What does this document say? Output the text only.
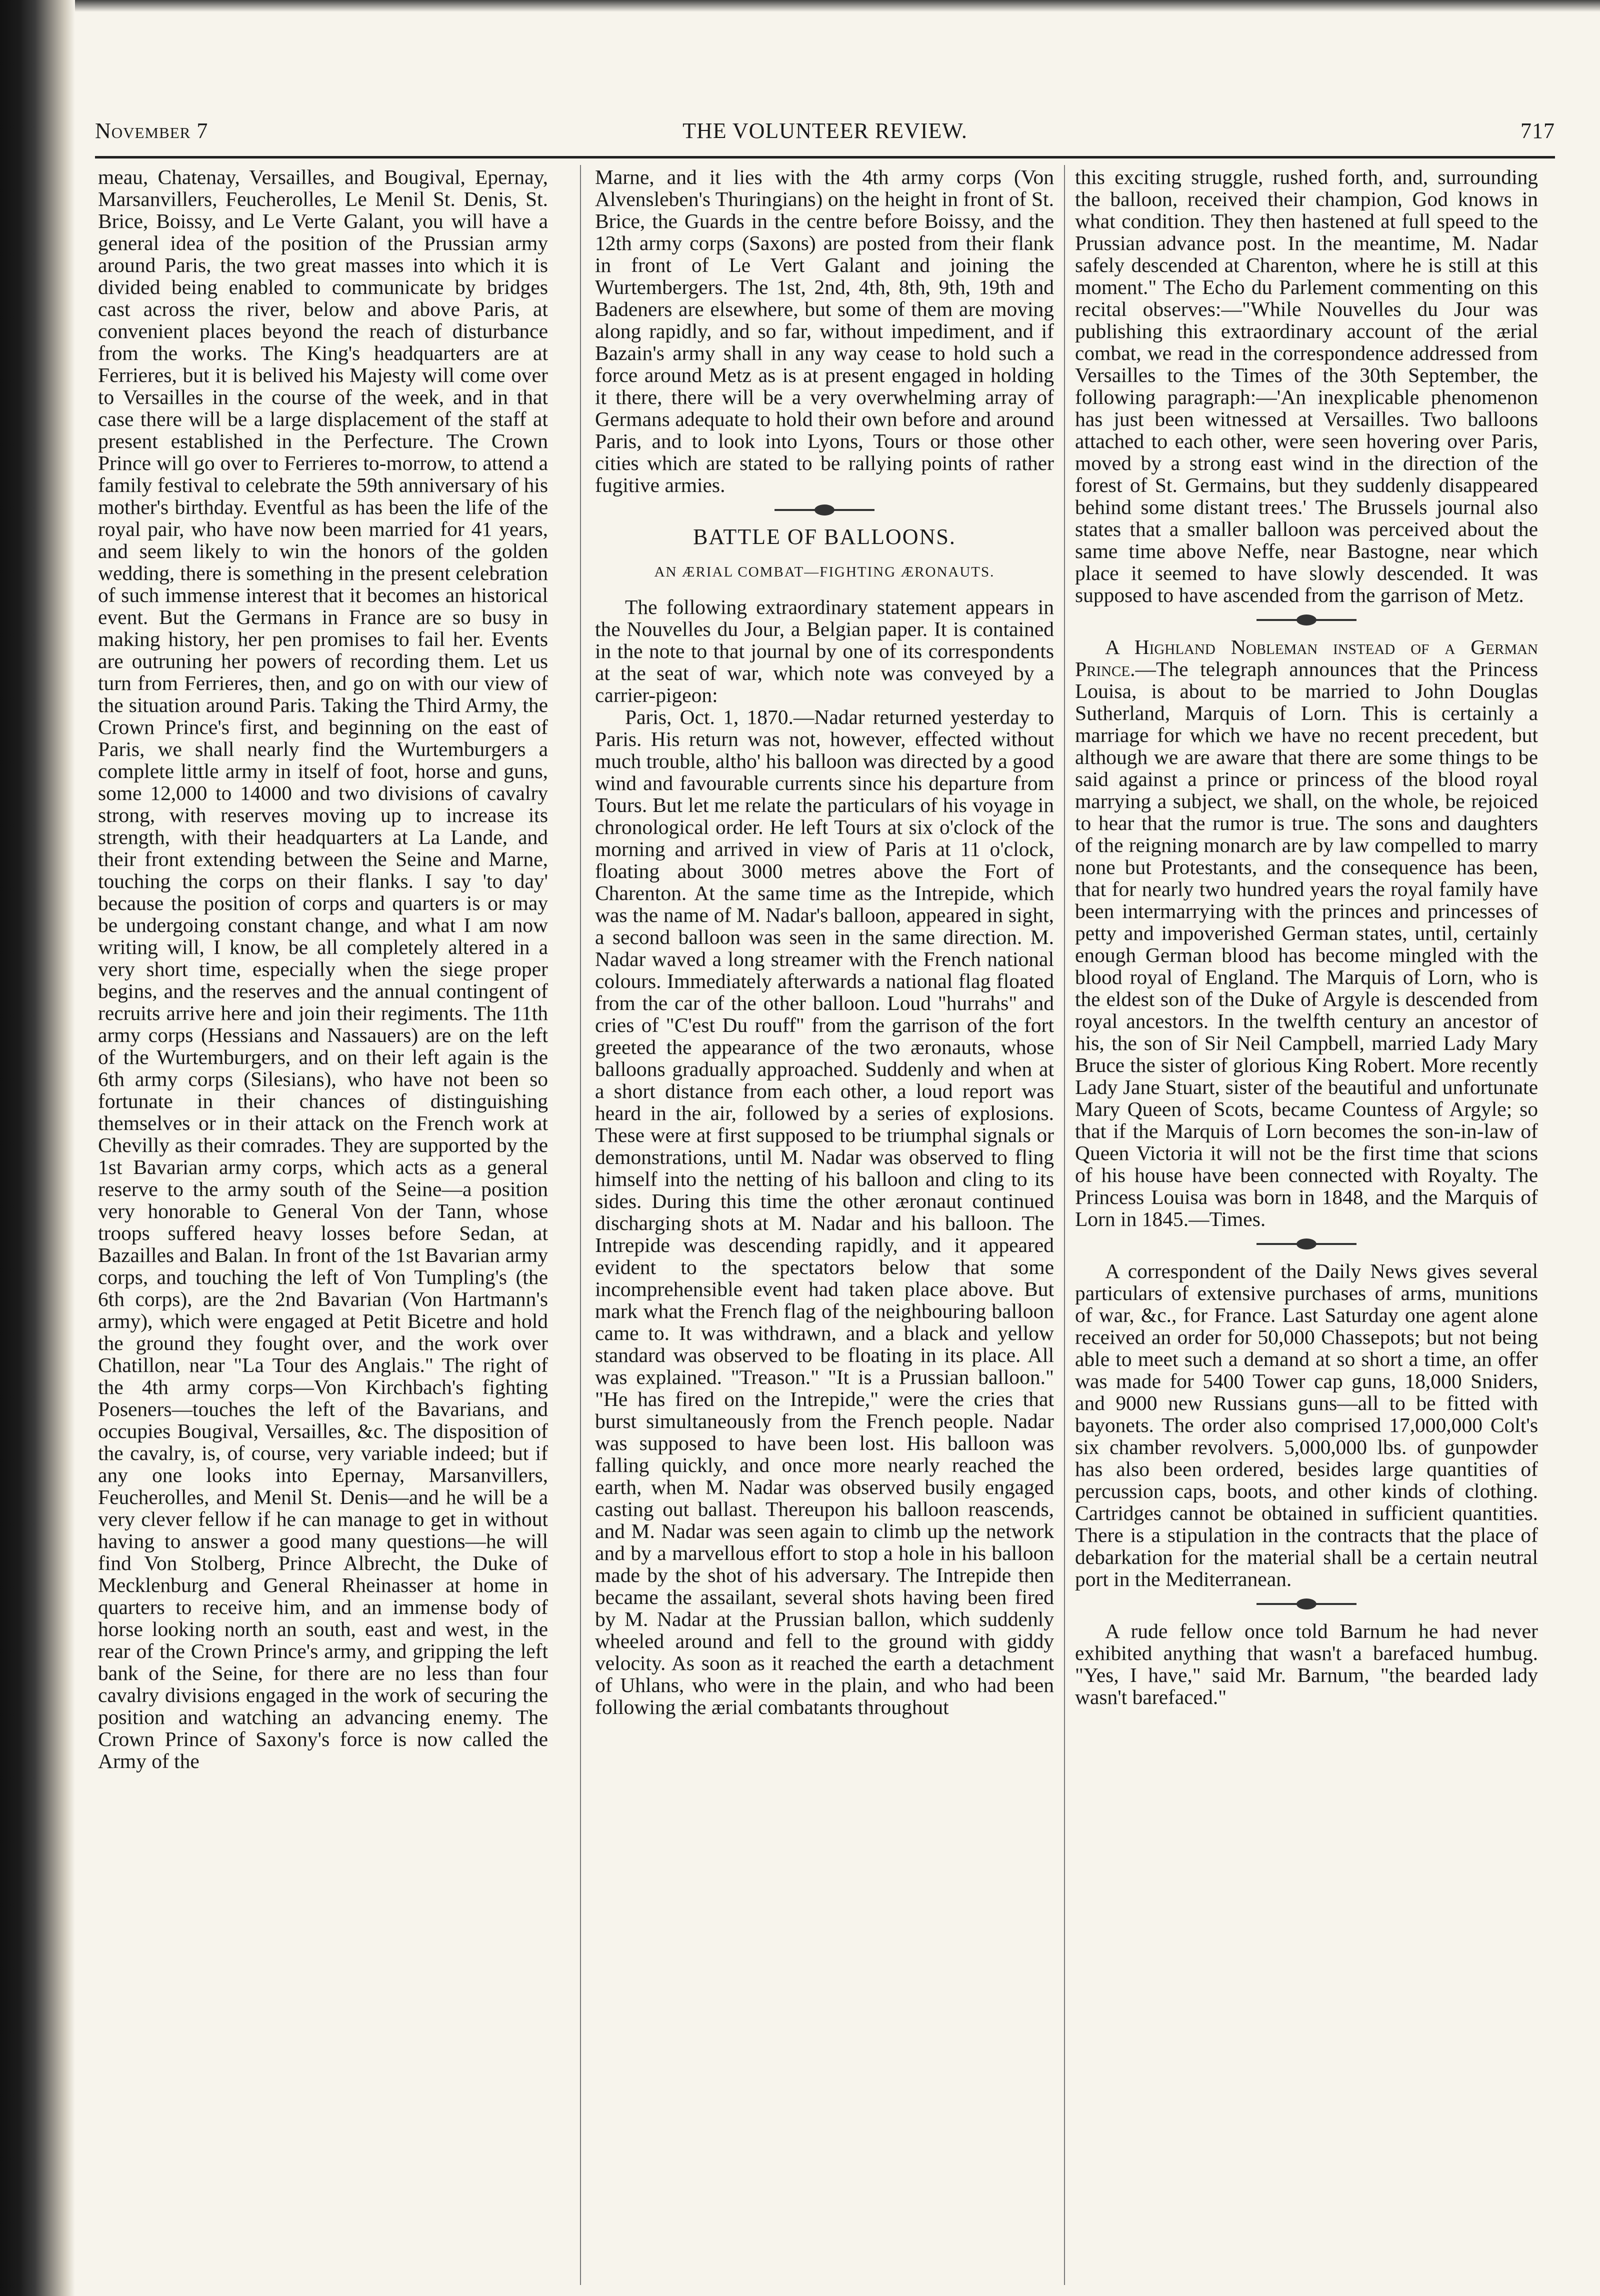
November 7	THE VOLUNTEER REVIEW.	717

meau, Chatenay, Versailles, and Bougival, Epernay, Marsanvillers, Feucherolles, Le Menil St. Denis, St. Brice, Boissy, and Le Verte Galant, you will have a general idea of the position of the Prussian army around Paris, the two great masses into which it is divided being enabled to communicate by bridges cast across the river, below and above Paris, at convenient places beyond the reach of disturbance from the works. The King's headquarters are at Ferrieres, but it is belived his Majesty will come over to Versailles in the course of the week, and in that case there will be a large displacement of the staff at present established in the Perfecture. The Crown Prince will go over to Ferrieres to-morrow, to attend a family festival to celebrate the 59th anniversary of his mother's birthday. Eventful as has been the life of the royal pair, who have now been married for 41 years, and seem likely to win the honors of the golden wedding, there is something in the present celebration of such immense interest that it becomes an historical event. But the Germans in France are so busy in making history, her pen promises to fail her. Events are outruning her powers of recording them. Let us turn from Ferrieres, then, and go on with our view of the situation around Paris. Taking the Third Army, the Crown Prince's first, and beginning on the east of Paris, we shall nearly find the Wurtemburgers a complete little army in itself of foot, horse and guns, some 12,000 to 14000 and two divisions of cavalry strong, with reserves moving up to increase its strength, with their headquarters at La Lande, and their front extending between the Seine and Marne, touching the corps on their flanks. I say 'to day' because the position of corps and quarters is or may be undergoing constant change, and what I am now writing will, I know, be all completely altered in a very short time, especially when the siege proper begins, and the reserves and the annual contingent of recruits arrive here and join their regiments. The 11th army corps (Hessians and Nassauers) are on the left of the Wurtemburgers, and on their left again is the 6th army corps (Silesians), who have not been so fortunate in their chances of distinguishing themselves or in their attack on the French work at Chevilly as their comrades. They are supported by the 1st Bavarian army corps, which acts as a general reserve to the army south of the Seine—a position very honorable to General Von der Tann, whose troops suffered heavy losses before Sedan, at Bazailles and Balan. In front of the 1st Bavarian army corps, and touching the left of Von Tumpling's (the 6th corps), are the 2nd Bavarian (Von Hartmann's army), which were engaged at Petit Bicetre and hold the ground they fought over, and the work over Chatillon, near "La Tour des Anglais." The right of the 4th army corps—Von Kirchbach's fighting Poseners—touches the left of the Bavarians, and occupies Bougival, Versailles, &c. The disposition of the cavalry, is, of course, very variable indeed; but if any one looks into Epernay, Marsanvillers, Feucherolles, and Menil St. Denis—and he will be a very clever fellow if he can manage to get in without having to answer a good many questions—he will find Von Stolberg, Prince Albrecht, the Duke of Mecklenburg and General Rheinasser at home in quarters to receive him, and an immense body of horse looking north an south, east and west, in the rear of the Crown Prince's army, and gripping the left bank of the Seine, for there are no less than four cavalry divisions engaged in the work of securing the position and watching an advancing enemy. The Crown Prince of Saxony's force is now called the Army of the

Marne, and it lies with the 4th army corps (Von Alvensleben's Thuringians) on the height in front of St. Brice, the Guards in the centre before Boissy, and the 12th army corps (Saxons) are posted from their flank in front of Le Vert Galant and joining the Wurtembergers. The 1st, 2nd, 4th, 8th, 9th, 19th and Badeners are elsewhere, but some of them are moving along rapidly, and so far, without impediment, and if Bazain's army shall in any way cease to hold such a force around Metz as is at present engaged in holding it there, there will be a very overwhelming array of Germans adequate to hold their own before and around Paris, and to look into Lyons, Tours or those other cities which are stated to be rallying points of rather fugitive armies.

BATTLE OF BALLOONS.
AN ÆRIAL COMBAT—FIGHTING ÆRONAUTS.

The following extraordinary statement appears in the Nouvelles du Jour, a Belgian paper. It is contained in the note to that journal by one of its correspondents at the seat of war, which note was conveyed by a carrier-pigeon:

Paris, Oct. 1, 1870.—Nadar returned yesterday to Paris. His return was not, however, effected without much trouble, altho' his balloon was directed by a good wind and favourable currents since his departure from Tours. But let me relate the particulars of his voyage in chronological order. He left Tours at six o'clock of the morning and arrived in view of Paris at 11 o'clock, floating about 3000 metres above the Fort of Charenton. At the same time as the Intrepide, which was the name of M. Nadar's balloon, appeared in sight, a second balloon was seen in the same direction. M. Nadar waved a long streamer with the French national colours. Immediately afterwards a national flag floated from the car of the other balloon. Loud "hurrahs" and cries of "C'est Du rouff" from the garrison of the fort greeted the appearance of the two æronauts, whose balloons gradually approached. Suddenly and when at a short distance from each other, a loud report was heard in the air, followed by a series of explosions. These were at first supposed to be triumphal signals or demonstrations, until M. Nadar was observed to fling himself into the netting of his balloon and cling to its sides. During this time the other æronaut continued discharging shots at M. Nadar and his balloon. The Intrepide was descending rapidly, and it appeared evident to the spectators below that some incomprehensible event had taken place above. But mark what the French flag of the neighbouring balloon came to. It was withdrawn, and a black and yellow standard was observed to be floating in its place. All was explained. "Treason." "It is a Prussian balloon." "He has fired on the Intrepide," were the cries that burst simultaneously from the French people. Nadar was supposed to have been lost. His balloon was falling quickly, and once more nearly reached the earth, when M. Nadar was observed busily engaged casting out ballast. Thereupon his balloon reascends, and M. Nadar was seen again to climb up the network and by a marvellous effort to stop a hole in his balloon made by the shot of his adversary. The Intrepide then became the assailant, several shots having been fired by M. Nadar at the Prussian ballon, which suddenly wheeled around and fell to the ground with giddy velocity. As soon as it reached the earth a detachment of Uhlans, who were in the plain, and who had been following the ærial combatants throughout

this exciting struggle, rushed forth, and, surrounding the balloon, received their champion, God knows in what condition. They then hastened at full speed to the Prussian advance post. In the meantime, M. Nadar safely descended at Charenton, where he is still at this moment." The Echo du Parlement commenting on this recital observes:—"While Nouvelles du Jour was publishing this extraordinary account of the ærial combat, we read in the correspondence addressed from Versailles to the Times of the 30th September, the following paragraph:—'An inexplicable phenomenon has just been witnessed at Versailles. Two balloons attached to each other, were seen hovering over Paris, moved by a strong east wind in the direction of the forest of St. Germains, but they suddenly disappeared behind some distant trees.' The Brussels journal also states that a smaller balloon was perceived about the same time above Neffe, near Bastogne, near which place it seemed to have slowly descended. It was supposed to have ascended from the garrison of Metz.

A Highland Nobleman instead of a German Prince.—The telegraph announces that the Princess Louisa, is about to be married to John Douglas Sutherland, Marquis of Lorn. This is certainly a marriage for which we have no recent precedent, but although we are aware that there are some things to be said against a prince or princess of the blood royal marrying a subject, we shall, on the whole, be rejoiced to hear that the rumor is true. The sons and daughters of the reigning monarch are by law compelled to marry none but Protestants, and the consequence has been, that for nearly two hundred years the royal family have been intermarrying with the princes and princesses of petty and impoverished German states, until, certainly enough German blood has become mingled with the blood royal of England. The Marquis of Lorn, who is the eldest son of the Duke of Argyle is descended from royal ancestors. In the twelfth century an ancestor of his, the son of Sir Neil Campbell, married Lady Mary Bruce the sister of glorious King Robert. More recently Lady Jane Stuart, sister of the beautiful and unfortunate Mary Queen of Scots, became Countess of Argyle; so that if the Marquis of Lorn becomes the son-in-law of Queen Victoria it will not be the first time that scions of his house have been connected with Royalty. The Princess Louisa was born in 1848, and the Marquis of Lorn in 1845.—Times.

A correspondent of the Daily News gives several particulars of extensive purchases of arms, munitions of war, &c., for France. Last Saturday one agent alone received an order for 50,000 Chassepots; but not being able to meet such a demand at so short a time, an offer was made for 5400 Tower cap guns, 18,000 Sniders, and 9000 new Russians guns—all to be fitted with bayonets. The order also comprised 17,000,000 Colt's six chamber revolvers. 5,000,000 lbs. of gunpowder has also been ordered, besides large quantities of percussion caps, boots, and other kinds of clothing. Cartridges cannot be obtained in sufficient quantities. There is a stipulation in the contracts that the place of debarkation for the material shall be a certain neutral port in the Mediterranean.

A rude fellow once told Barnum he had never exhibited anything that wasn't a barefaced humbug. "Yes, I have," said Mr. Barnum, "the bearded lady wasn't barefaced."
